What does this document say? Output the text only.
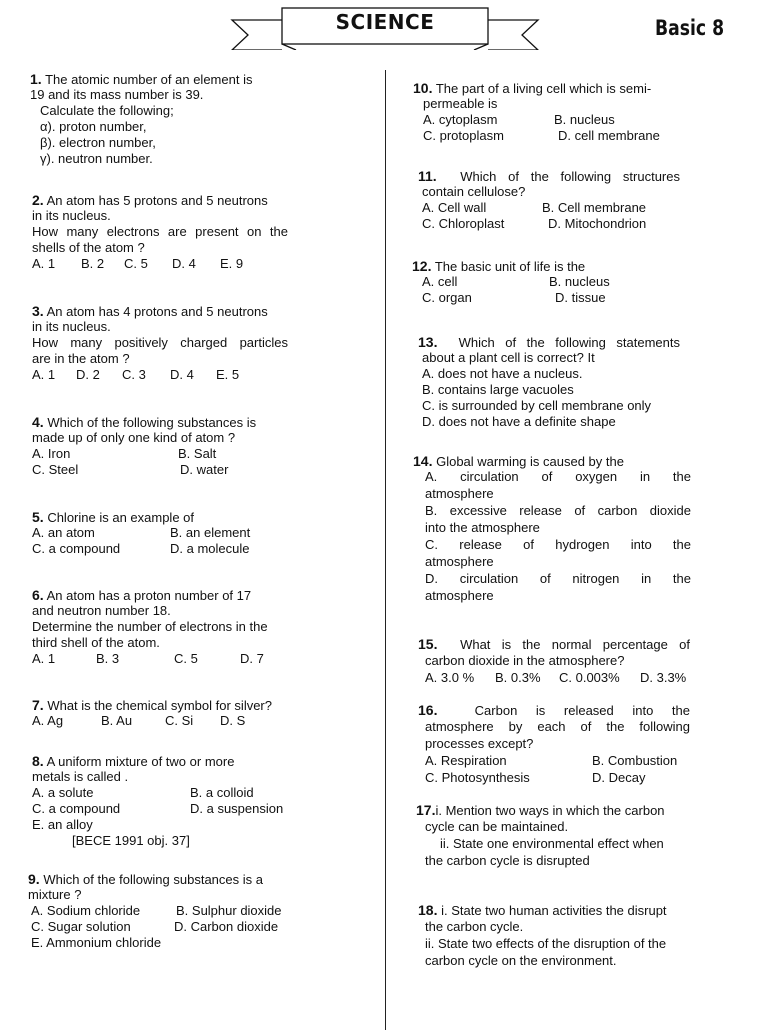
SCIENCE	Basic 8
1. The atomic number of an element is
19 and its mass number is 39.
Calculate the following;
α). proton number,
β). electron number,
γ). neutron number.
2. An atom has 5 protons and 5 neutrons
in its nucleus.
How many electrons are present on the
shells of the atom ?
A. 1 B. 2 C. 5 D. 4 E. 9
3. An atom has 4 protons and 5 neutrons
in its nucleus.
How many positively charged particles
are in the atom ?
A. 1 D. 2 C. 3 D. 4 E. 5
4. Which of the following substances is
made up of only one kind of atom ?
A. Iron	B. Salt
C. Steel	D. water
5. Chlorine is an example of
A. an atom	B. an element
C. a compound	D. a molecule
6. An atom has a proton number of 17
and neutron number 18.
Determine the number of electrons in the
third shell of the atom.
A. 1	B. 3	C. 5	D. 7
7. What is the chemical symbol for silver?
A. Ag	B. Au	C. Si D. S
8. A uniform mixture of two or more
metals is called .
A. a solute	B. a colloid
C. a compound	D. a suspension
E. an alloy
[BECE 1991 obj. 37]
9. Which of the following substances is a
mixture ?
A. Sodium chloride	B. Sulphur dioxide
C. Sugar solution	D. Carbon dioxide
E. Ammonium chloride
10. The part of a living cell which is semi-
permeable is
A. cytoplasm	B. nucleus
C. protoplasm	D. cell membrane
11. Which of the following structures
contain cellulose?
A. Cell wall	B. Cell membrane
C. Chloroplast	D. Mitochondrion
12. The basic unit of life is the
A. cell	B. nucleus
C. organ	D. tissue
13. Which of the following statements
about a plant cell is correct? It
A. does not have a nucleus.
B. contains large vacuoles
C. is surrounded by cell membrane only
D. does not have a definite shape
14. Global warming is caused by the
A. circulation of oxygen in the
atmosphere
B. excessive release of carbon dioxide
into the atmosphere
C. release of hydrogen into the
atmosphere
D. circulation of nitrogen in the
atmosphere
15. What is the normal percentage of
carbon dioxide in the atmosphere?
A. 3.0 % B. 0.3% C. 0.003% D. 3.3%
16.	Carbon is released into the
atmosphere by each of the following
processes except?
A. Respiration	B. Combustion
C. Photosynthesis	D. Decay
17.i. Mention two ways in which the carbon
cycle can be maintained.
ii. State one environmental effect when
the carbon cycle is disrupted
18. i. State two human activities the disrupt
the carbon cycle.
ii. State two effects of the disruption of the
carbon cycle on the environment.
